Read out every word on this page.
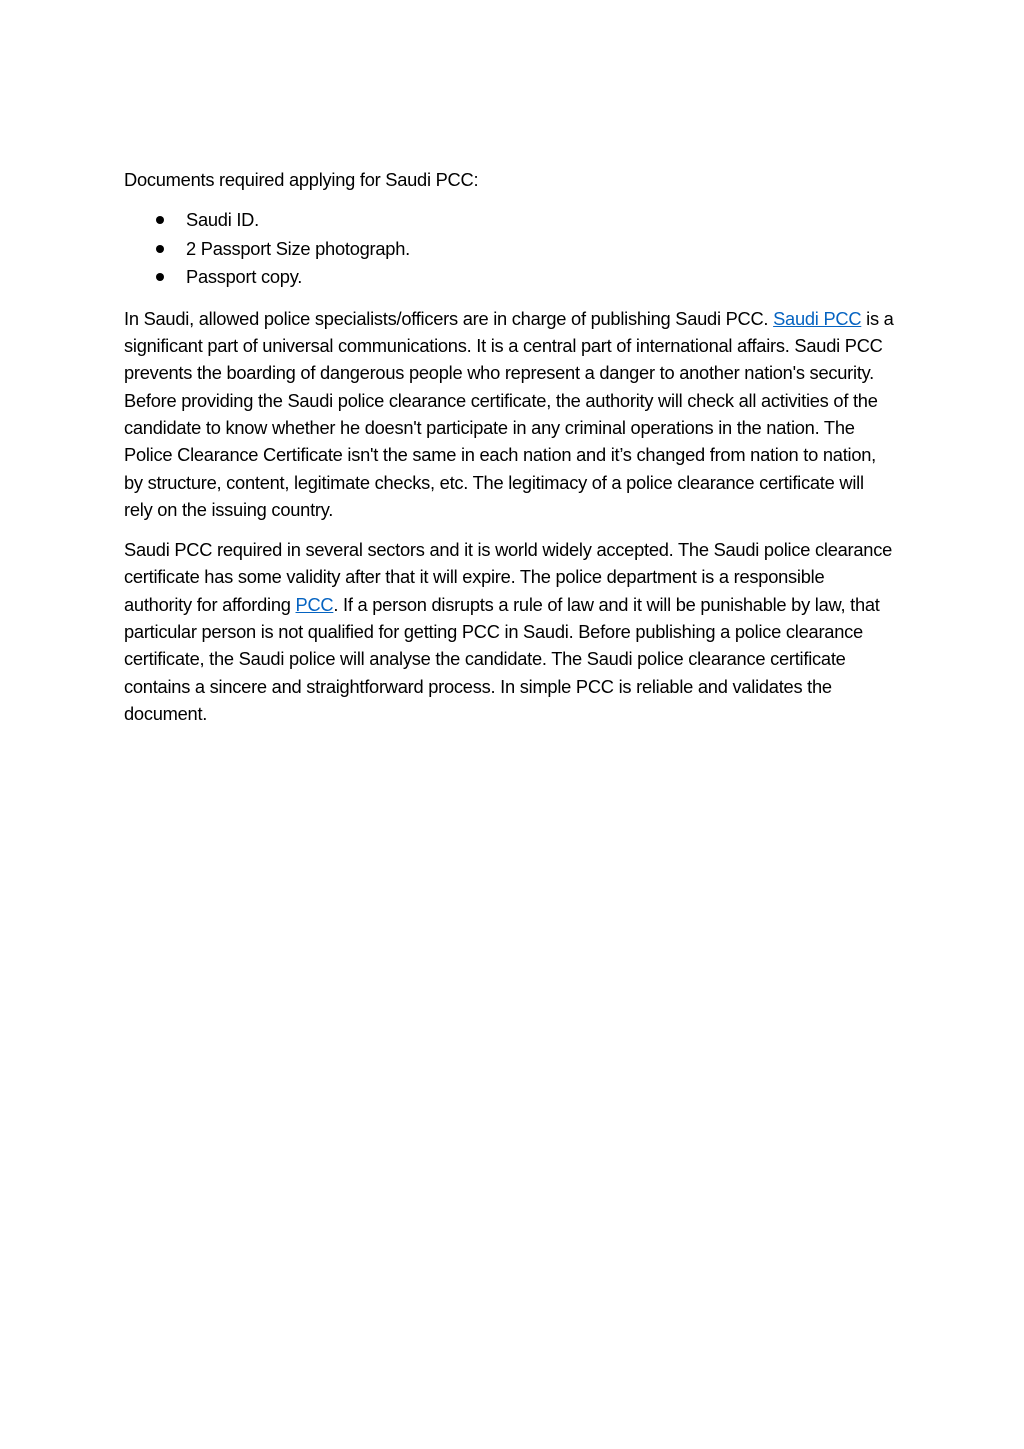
Documents required applying for Saudi PCC:

Saudi ID.
2 Passport Size photograph.
Passport copy.

In Saudi, allowed police specialists/officers are in charge of publishing Saudi PCC. Saudi PCC is a significant part of universal communications. It is a central part of international affairs. Saudi PCC prevents the boarding of dangerous people who represent a danger to another nation's security. Before providing the Saudi police clearance certificate, the authority will check all activities of the candidate to know whether he doesn't participate in any criminal operations in the nation. The Police Clearance Certificate isn't the same in each nation and it’s changed from nation to nation, by structure, content, legitimate checks, etc. The legitimacy of a police clearance certificate will rely on the issuing country.

Saudi PCC required in several sectors and it is world widely accepted. The Saudi police clearance certificate has some validity after that it will expire. The police department is a responsible authority for affording PCC. If a person disrupts a rule of law and it will be punishable by law, that particular person is not qualified for getting PCC in Saudi. Before publishing a police clearance certificate, the Saudi police will analyse the candidate. The Saudi police clearance certificate contains a sincere and straightforward process. In simple PCC is reliable and validates the document.
